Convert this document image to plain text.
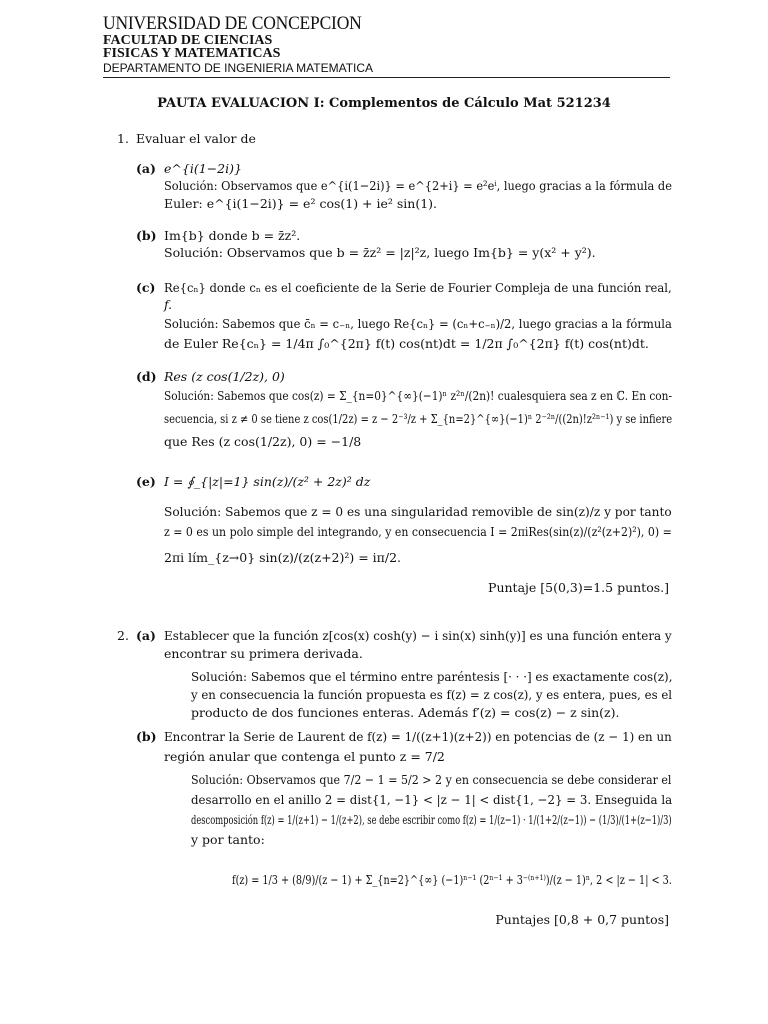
UNIVERSIDAD DE CONCEPCION
FACULTAD DE CIENCIAS
FISICAS Y MATEMATICAS
DEPARTAMENTO DE INGENIERIA MATEMATICA
PAUTA EVALUACION I: Complementos de Cálculo Mat 521234
1. Evaluar el valor de
(a) e^{i(1−2i)}
Solución: Observamos que e^{i(1−2i)} = e^{2+i} = e²eⁱ, luego gracias a la fórmula de
Euler: e^{i(1−2i)} = e² cos(1) + ie² sin(1).
(b) Im{b} donde b = z̄z².
Solución: Observamos que b = z̄z² = |z|²z, luego Im{b} = y(x² + y²).
(c) Re{cₙ} donde cₙ es el coeficiente de la Serie de Fourier Compleja de una función real,
f.
Solución: Sabemos que c̄ₙ = c₋ₙ, luego Re{cₙ} = (cₙ+c₋ₙ)/2, luego gracias a la fórmula
de Euler Re{cₙ} = 1/4π ∫₀^{2π} f(t) cos(nt)dt = 1/2π ∫₀^{2π} f(t) cos(nt)dt.
(d) Res (z cos(1/2z), 0)
Solución: Sabemos que cos(z) = Σ_{n=0}^{∞}(−1)ⁿ z²ⁿ/(2n)! cualesquiera sea z en ℂ. En con-
secuencia, si z ≠ 0 se tiene z cos(1/2z) = z − 2⁻³/z + Σ_{n=2}^{∞}(−1)ⁿ 2⁻²ⁿ/((2n)!z²ⁿ⁻¹) y se infiere
que Res (z cos(1/2z), 0) = −1/8
(e) I = ∮_{|z|=1} sin(z)/(z² + 2z)² dz
Solución: Sabemos que z = 0 es una singularidad removible de sin(z)/z y por tanto
z = 0 es un polo simple del integrando, y en consecuencia I = 2πiRes(sin(z)/(z²(z+2)²), 0) =
2πi lím_{z→0} sin(z)/(z(z+2)²) = iπ/2.
Puntaje [5(0,3)=1.5 puntos.]
2. (a) Establecer que la función z[cos(x) cosh(y) − i sin(x) sinh(y)] es una función entera y
encontrar su primera derivada.
Solución: Sabemos que el término entre paréntesis [· · ·] es exactamente cos(z),
y en consecuencia la función propuesta es f(z) = z cos(z), y es entera, pues, es el
producto de dos funciones enteras. Además f′(z) = cos(z) − z sin(z).
(b) Encontrar la Serie de Laurent de f(z) = 1/((z+1)(z+2)) en potencias de (z − 1) en un
región anular que contenga el punto z = 7/2
Solución: Observamos que 7/2 − 1 = 5/2 > 2 y en consecuencia se debe considerar el
desarrollo en el anillo 2 = dist{1, −1} < |z − 1| < dist{1, −2} = 3. Enseguida la
descomposición f(z) = 1/(z+1) − 1/(z+2), se debe escribir como f(z) = 1/(z−1) · 1/(1+2/(z−1)) − (1/3)/(1+(z−1)/3)
y por tanto:
f(z) = 1/3 + (8/9)/(z − 1) + Σ_{n=2}^{∞} (−1)ⁿ⁻¹ (2ⁿ⁻¹ + 3⁻⁽ⁿ⁺¹⁾)/(z − 1)ⁿ, 2 < |z − 1| < 3.
Puntajes [0,8 + 0,7 puntos]
